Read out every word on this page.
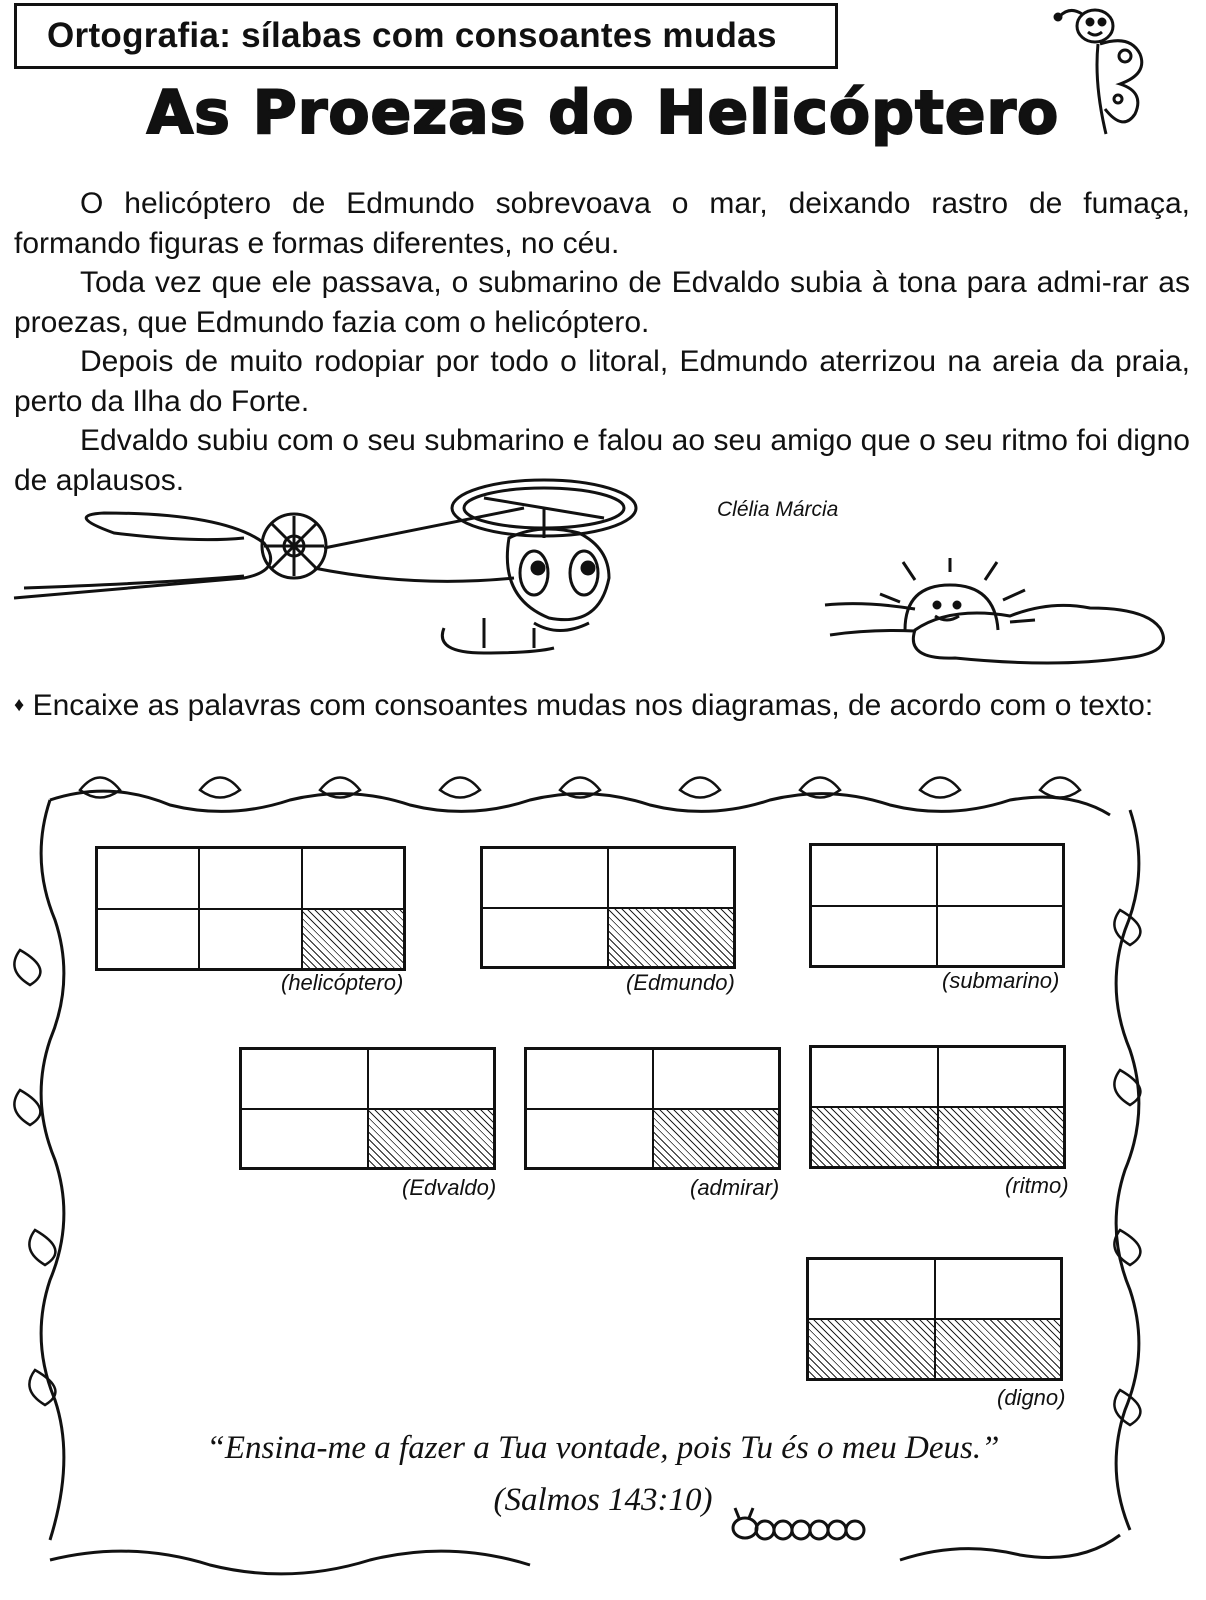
Ortografia: sílabas com consoantes mudas
As Proezas do Helicóptero

O helicóptero de Edmundo sobrevoava o mar, deixando rastro de fumaça, formando figuras e formas diferentes, no céu.

Toda vez que ele passava, o submarino de Edvaldo subia à tona para admi-rar as proezas, que Edmundo fazia com o helicóptero.

Depois de muito rodopiar por todo o litoral, Edmundo aterrizou na areia da praia, perto da Ilha do Forte.

Edvaldo subiu com o seu submarino e falou ao seu amigo que o seu ritmo foi digno de aplausos.

Clélia Márcia
♦ Encaixe as palavras com consoantes mudas nos diagramas, de acordo com o texto:
(helicóptero)	(Edmundo)	(submarino)
(Edvaldo)	(admirar)	(ritmo)
(digno)
“Ensina-me a fazer a Tua vontade, pois Tu és o meu Deus.”
(Salmos 143:10)
